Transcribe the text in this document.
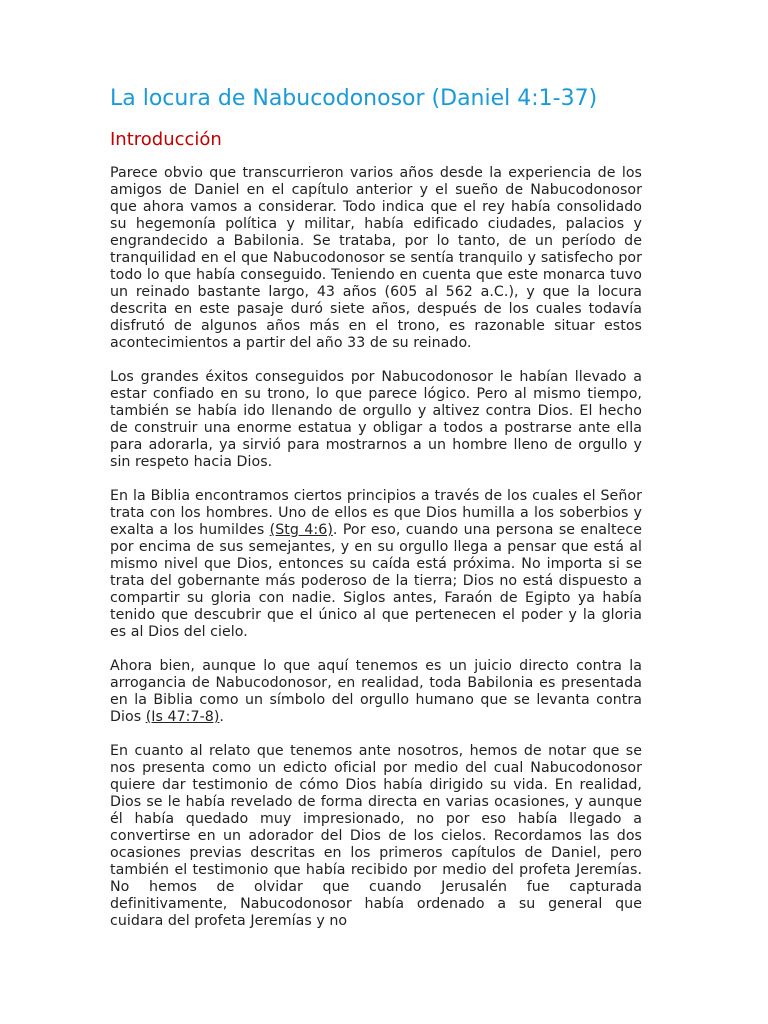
La locura de Nabucodonosor (Daniel 4:1-37)
Introducción

Parece obvio que transcurrieron varios años desde la experiencia de los amigos de Daniel en el capítulo anterior y el sueño de Nabucodonosor que ahora vamos a considerar. Todo indica que el rey había consolidado su hegemonía política y militar, había edificado ciudades, palacios y engrandecido a Babilonia. Se trataba, por lo tanto, de un período de tranquilidad en el que Nabucodonosor se sentía tranquilo y satisfecho por todo lo que había conseguido. Teniendo en cuenta que este monarca tuvo un reinado bastante largo, 43 años (605 al 562 a.C.), y que la locura descrita en este pasaje duró siete años, después de los cuales todavía disfrutó de algunos años más en el trono, es razonable situar estos acontecimientos a partir del año 33 de su reinado.

Los grandes éxitos conseguidos por Nabucodonosor le habían llevado a estar confiado en su trono, lo que parece lógico. Pero al mismo tiempo, también se había ido llenando de orgullo y altivez contra Dios. El hecho de construir una enorme estatua y obligar a todos a postrarse ante ella para adorarla, ya sirvió para mostrarnos a un hombre lleno de orgullo y sin respeto hacia Dios.

En la Biblia encontramos ciertos principios a través de los cuales el Señor trata con los hombres. Uno de ellos es que Dios humilla a los soberbios y exalta a los humildes (Stg 4:6). Por eso, cuando una persona se enaltece por encima de sus semejantes, y en su orgullo llega a pensar que está al mismo nivel que Dios, entonces su caída está próxima. No importa si se trata del gobernante más poderoso de la tierra; Dios no está dispuesto a compartir su gloria con nadie. Siglos antes, Faraón de Egipto ya había tenido que descubrir que el único al que pertenecen el poder y la gloria es al Dios del cielo.

Ahora bien, aunque lo que aquí tenemos es un juicio directo contra la arrogancia de Nabucodonosor, en realidad, toda Babilonia es presentada en la Biblia como un símbolo del orgullo humano que se levanta contra Dios (Is 47:7-8).

En cuanto al relato que tenemos ante nosotros, hemos de notar que se nos presenta como un edicto oficial por medio del cual Nabucodonosor quiere dar testimonio de cómo Dios había dirigido su vida. En realidad, Dios se le había revelado de forma directa en varias ocasiones, y aunque él había quedado muy impresionado, no por eso había llegado a convertirse en un adorador del Dios de los cielos. Recordamos las dos ocasiones previas descritas en los primeros capítulos de Daniel, pero también el testimonio que había recibido por medio del profeta Jeremías. No hemos de olvidar que cuando Jerusalén fue capturada definitivamente, Nabucodonosor había ordenado a su general que cuidara del profeta Jeremías y no
